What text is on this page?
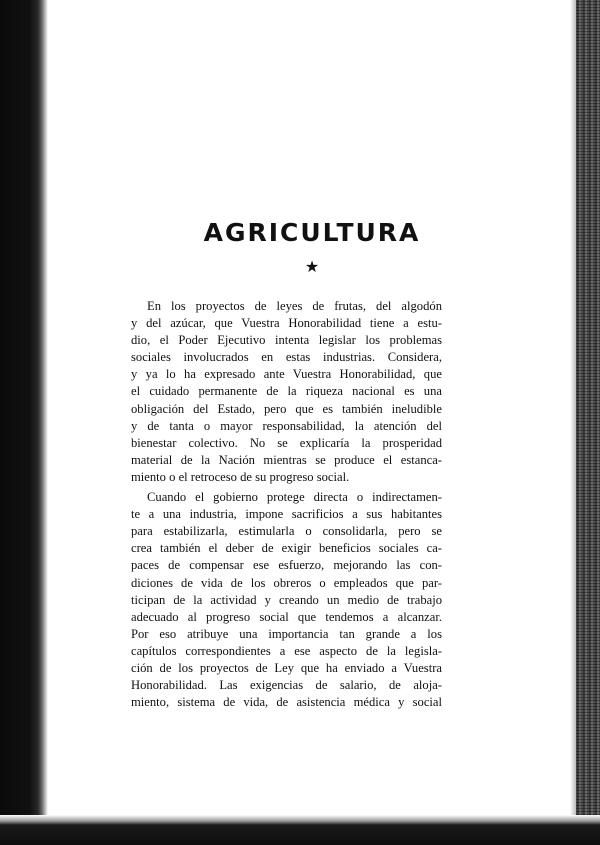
AGRICULTURA
★
En los proyectos de leyes de frutas, del algodón
y del azúcar, que Vuestra Honorabilidad tiene a estu-
dio, el Poder Ejecutivo intenta legislar los problemas
sociales involucrados en estas industrias. Considera,
y ya lo ha expresado ante Vuestra Honorabilidad, que
el cuidado permanente de la riqueza nacional es una
obligación del Estado, pero que es también ineludible
y de tanta o mayor responsabilidad, la atención del
bienestar colectivo. No se explicaría la prosperidad
material de la Nación mientras se produce el estanca-
miento o el retroceso de su progreso social.
Cuando el gobierno protege directa o indirectamen-
te a una industria, impone sacrificios a sus habitantes
para estabilizarla, estimularla o consolidarla, pero se
crea también el deber de exigir beneficios sociales ca-
paces de compensar ese esfuerzo, mejorando las con-
diciones de vida de los obreros o empleados que par-
ticipan de la actividad y creando un medio de trabajo
adecuado al progreso social que tendemos a alcanzar.
Por eso atribuye una importancia tan grande a los
capítulos correspondientes a ese aspecto de la legisla-
ción de los proyectos de Ley que ha enviado a Vuestra
Honorabilidad. Las exigencias de salario, de aloja-
miento, sistema de vida, de asistencia médica y social
